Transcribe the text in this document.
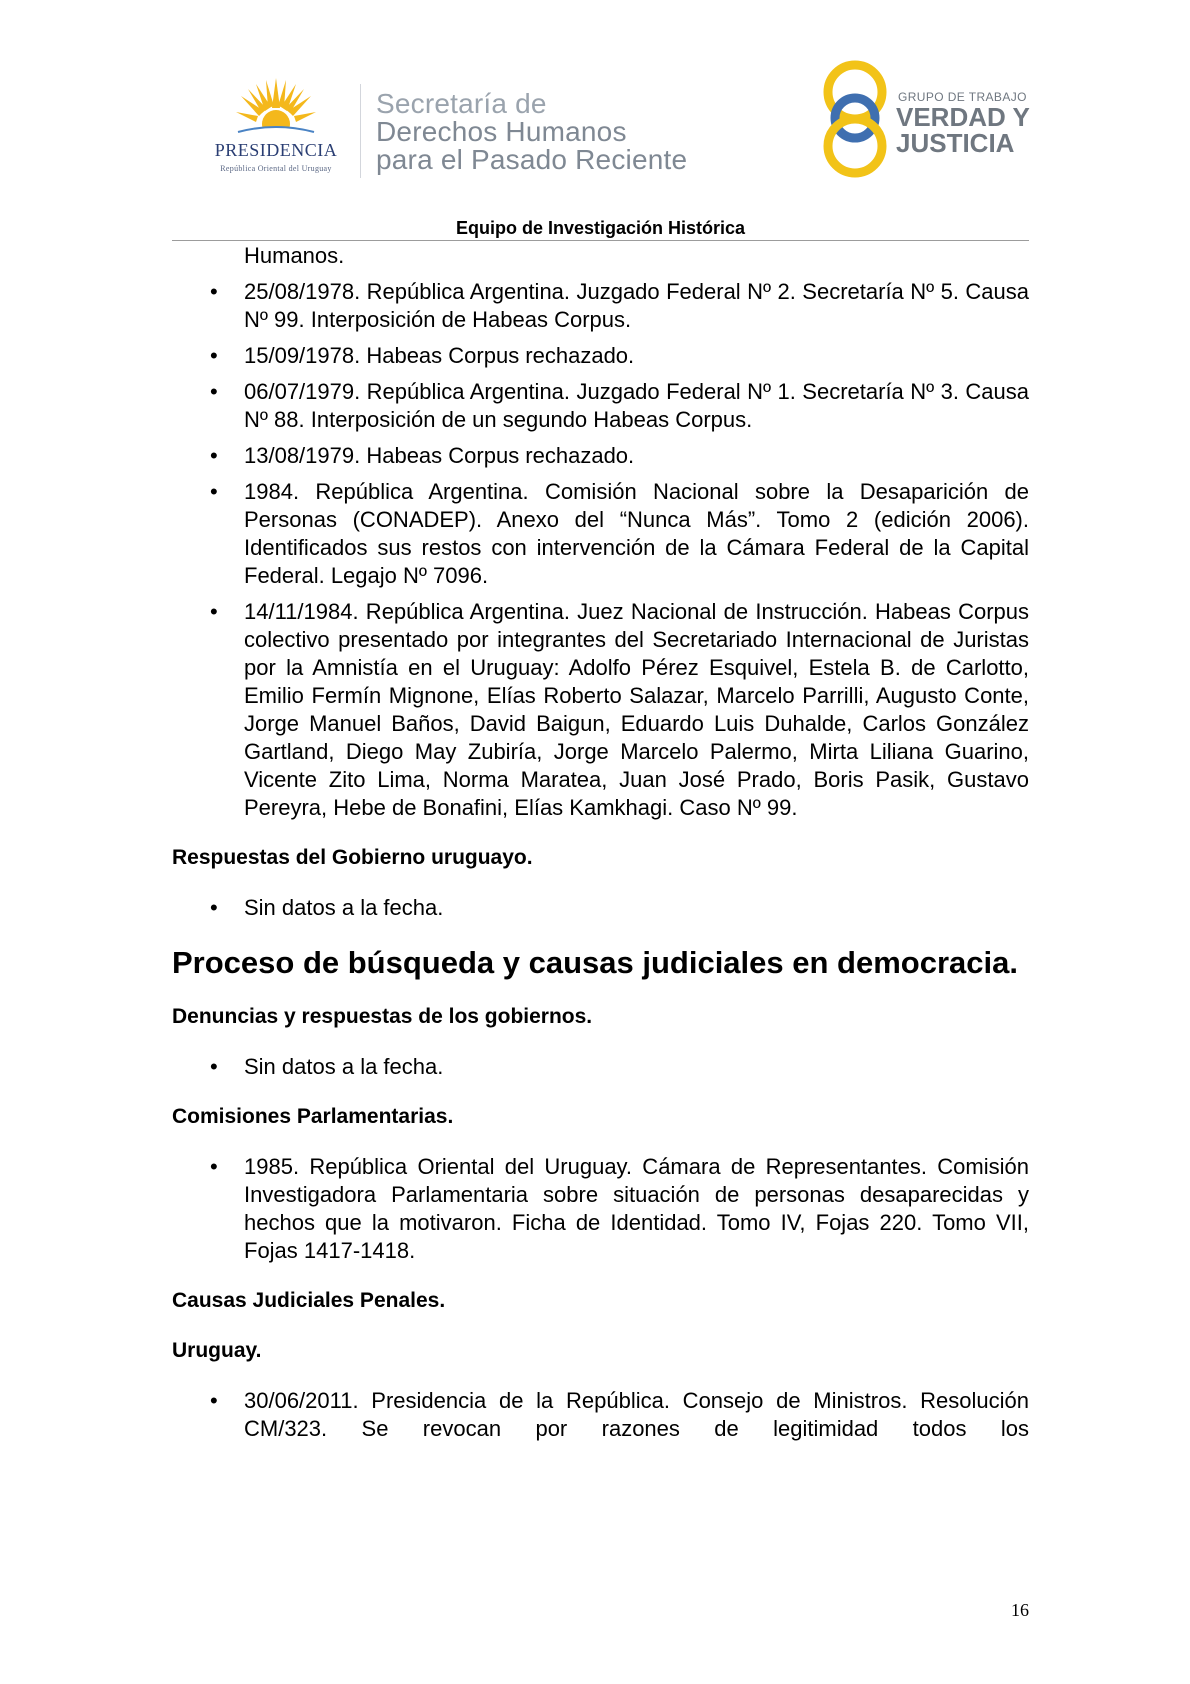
PRESIDENCIA
República Oriental del Uruguay
Secretaría de
Derechos Humanos
para el Pasado Reciente
GRUPO DE TRABAJO
VERDAD Y
JUSTICIA
Equipo de Investigación Histórica
Humanos.
• 25/08/1978. República Argentina. Juzgado Federal Nº 2. Secretaría Nº 5. Causa Nº 99. Interposición de Habeas Corpus.
• 15/09/1978. Habeas Corpus rechazado.
• 06/07/1979. República Argentina. Juzgado Federal Nº 1. Secretaría Nº 3. Causa Nº 88. Interposición de un segundo Habeas Corpus.
• 13/08/1979. Habeas Corpus rechazado.
• 1984. República Argentina. Comisión Nacional sobre la Desaparición de Personas (CONADEP). Anexo del “Nunca Más”. Tomo 2 (edición 2006). Identificados sus restos con intervención de la Cámara Federal de la Capital Federal. Legajo Nº 7096.
• 14/11/1984. República Argentina. Juez Nacional de Instrucción. Habeas Corpus colectivo presentado por integrantes del Secretariado Internacional de Juristas por la Amnistía en el Uruguay: Adolfo Pérez Esquivel, Estela B. de Carlotto, Emilio Fermín Mignone, Elías Roberto Salazar, Marcelo Parrilli, Augusto Conte, Jorge Manuel Baños, David Baigun, Eduardo Luis Duhalde, Carlos González Gartland, Diego May Zubiría, Jorge Marcelo Palermo, Mirta Liliana Guarino, Vicente Zito Lima, Norma Maratea, Juan José Prado, Boris Pasik, Gustavo Pereyra, Hebe de Bonafini, Elías Kamkhagi. Caso Nº 99.
Respuestas del Gobierno uruguayo.
• Sin datos a la fecha.
Proceso de búsqueda y causas judiciales en democracia.
Denuncias y respuestas de los gobiernos.
• Sin datos a la fecha.
Comisiones Parlamentarias.
• 1985. República Oriental del Uruguay. Cámara de Representantes. Comisión Investigadora Parlamentaria sobre situación de personas desaparecidas y hechos que la motivaron. Ficha de Identidad. Tomo IV, Fojas 220. Tomo VII, Fojas 1417-1418.
Causas Judiciales Penales.
Uruguay.
• 30/06/2011. Presidencia de la República. Consejo de Ministros. Resolución CM/323. Se revocan por razones de legitimidad todos los
16
